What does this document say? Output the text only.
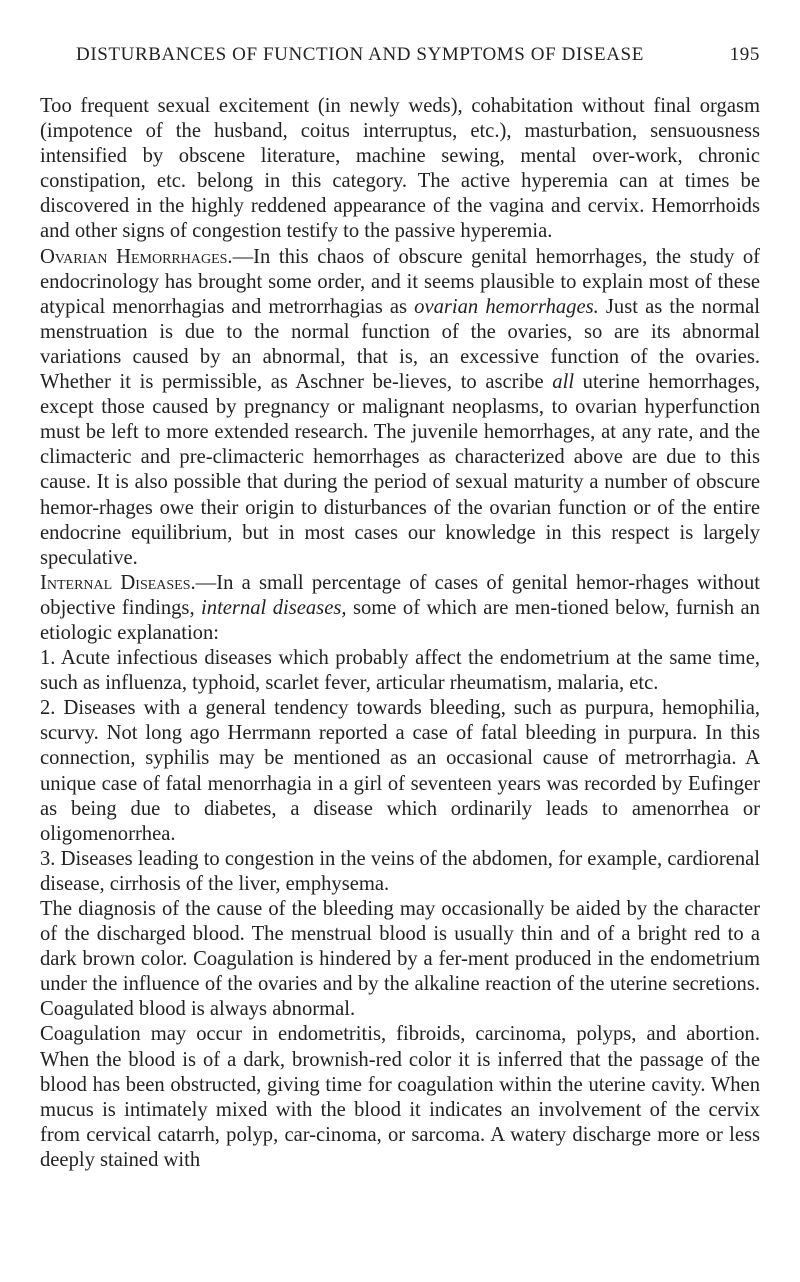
DISTURBANCES OF FUNCTION AND SYMPTOMS OF DISEASE	195

Too frequent sexual excitement (in newly weds), cohabitation without final orgasm (impotence of the husband, coitus interruptus, etc.), masturbation, sensuousness intensified by obscene literature, machine sewing, mental over-work, chronic constipation, etc. belong in this category. The active hyperemia can at times be discovered in the highly reddened appearance of the vagina and cervix. Hemorrhoids and other signs of congestion testify to the passive hyperemia.

Ovarian Hemorrhages.—In this chaos of obscure genital hemorrhages, the study of endocrinology has brought some order, and it seems plausible to explain most of these atypical menorrhagias and metrorrhagias as ovarian hemorrhages. Just as the normal menstruation is due to the normal function of the ovaries, so are its abnormal variations caused by an abnormal, that is, an excessive function of the ovaries. Whether it is permissible, as Aschner be-lieves, to ascribe all uterine hemorrhages, except those caused by pregnancy or malignant neoplasms, to ovarian hyperfunction must be left to more extended research. The juvenile hemorrhages, at any rate, and the climacteric and pre-climacteric hemorrhages as characterized above are due to this cause. It is also possible that during the period of sexual maturity a number of obscure hemor-rhages owe their origin to disturbances of the ovarian function or of the entire endocrine equilibrium, but in most cases our knowledge in this respect is largely speculative.

Internal Diseases.—In a small percentage of cases of genital hemor-rhages without objective findings, internal diseases, some of which are men-tioned below, furnish an etiologic explanation:

1. Acute infectious diseases which probably affect the endometrium at the same time, such as influenza, typhoid, scarlet fever, articular rheumatism, malaria, etc.

2. Diseases with a general tendency towards bleeding, such as purpura, hemophilia, scurvy. Not long ago Herrmann reported a case of fatal bleeding in purpura. In this connection, syphilis may be mentioned as an occasional cause of metrorrhagia. A unique case of fatal menorrhagia in a girl of seventeen years was recorded by Eufinger as being due to diabetes, a disease which ordinarily leads to amenorrhea or oligomenorrhea.

3. Diseases leading to congestion in the veins of the abdomen, for example, cardiorenal disease, cirrhosis of the liver, emphysema.

The diagnosis of the cause of the bleeding may occasionally be aided by the character of the discharged blood. The menstrual blood is usually thin and of a bright red to a dark brown color. Coagulation is hindered by a fer-ment produced in the endometrium under the influence of the ovaries and by the alkaline reaction of the uterine secretions. Coagulated blood is always abnormal.

Coagulation may occur in endometritis, fibroids, carcinoma, polyps, and abortion. When the blood is of a dark, brownish-red color it is inferred that the passage of the blood has been obstructed, giving time for coagulation within the uterine cavity. When mucus is intimately mixed with the blood it indicates an involvement of the cervix from cervical catarrh, polyp, car-cinoma, or sarcoma. A watery discharge more or less deeply stained with
